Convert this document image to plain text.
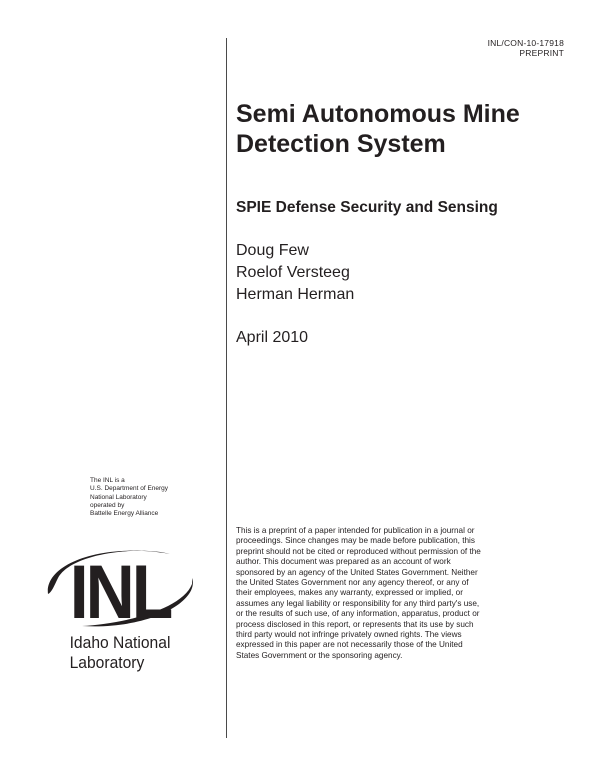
INL/CON-10-17918
PREPRINT
Semi Autonomous Mine
Detection System
SPIE Defense Security and Sensing
Doug Few
Roelof Versteeg
Herman Herman
April 2010
The INL is a
U.S. Department of Energy
National Laboratory
operated by
Battelle Energy Alliance
INL
Idaho National
Laboratory
This is a preprint of a paper intended for publication in a journal or
proceedings. Since changes may be made before publication, this
preprint should not be cited or reproduced without permission of the
author. This document was prepared as an account of work
sponsored by an agency of the United States Government. Neither
the United States Government nor any agency thereof, or any of
their employees, makes any warranty, expressed or implied, or
assumes any legal liability or responsibility for any third party's use,
or the results of such use, of any information, apparatus, product or
process disclosed in this report, or represents that its use by such
third party would not infringe privately owned rights. The views
expressed in this paper are not necessarily those of the United
States Government or the sponsoring agency.
